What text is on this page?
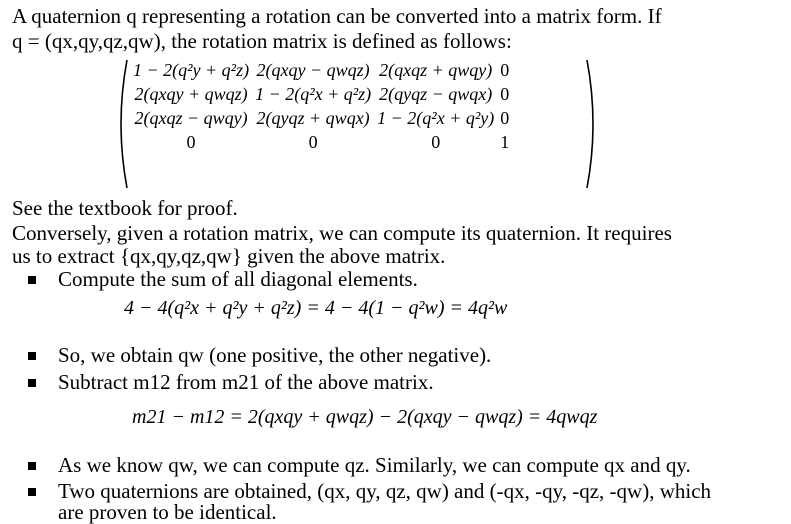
A quaternion q representing a rotation can be converted into a matrix form. If
q = (qx,qy,qz,qw), the rotation matrix is defined as follows:
1 − 2(q²y + q²z)	2(qxqy − qwqz)	2(qxqz + qwqy)	0
2(qxqy + qwqz)	1 − 2(q²x + q²z)	2(qyqz − qwqx)	0
2(qxqz − qwqy)	2(qyqz + qwqx)	1 − 2(q²x + q²y)	0
0	0	0	1
See the textbook for proof.
Conversely, given a rotation matrix, we can compute its quaternion. It requires
us to extract {qx,qy,qz,qw} given the above matrix.
Compute the sum of all diagonal elements.
4 − 4(q²x + q²y + q²z) = 4 − 4(1 − q²w) = 4q²w
So, we obtain qw (one positive, the other negative).
Subtract m12 from m21 of the above matrix.
m21 − m12 = 2(qxqy + qwqz) − 2(qxqy − qwqz) = 4qwqz
As we know qw, we can compute qz. Similarly, we can compute qx and qy.
Two quaternions are obtained, (qx, qy, qz, qw) and (-qx, -qy, -qz, -qw), which
are proven to be identical.
